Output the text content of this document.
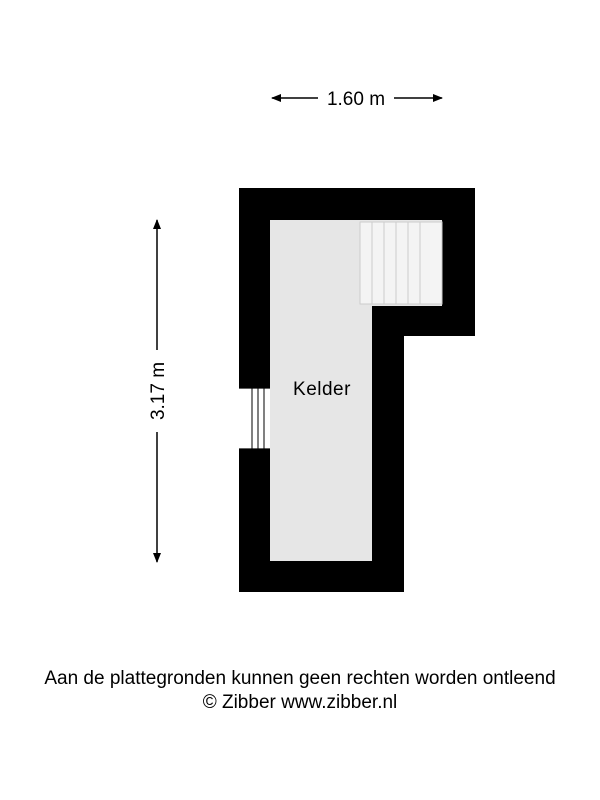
1.60 m
3.17 m	Kelder
Aan de plattegronden kunnen geen rechten worden ontleend
© Zibber www.zibber.nl
